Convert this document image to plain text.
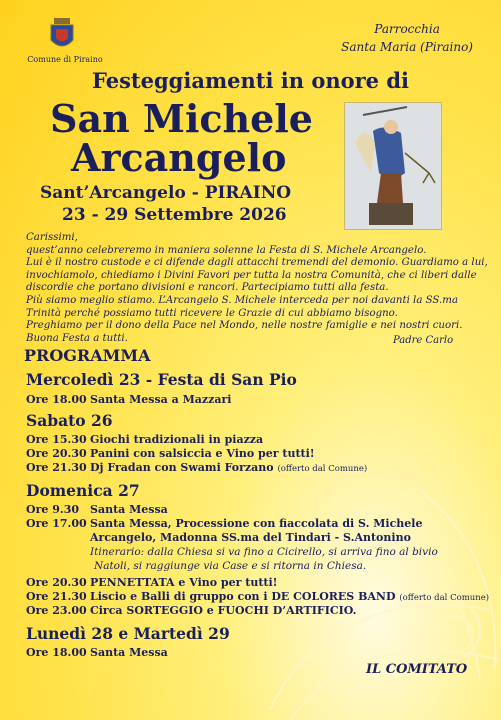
Comune di Piraino
Parrocchia
Santa Maria (Piraino)
Festeggiamenti in onore di
San Michele
Arcangelo
Sant’Arcangelo - PIRAINO
23 - 29 Settembre 2026
Carissimi,
quest’anno celebreremo in maniera solenne la Festa di S. Michele Arcangelo.
Lui è il nostro custode e ci difende dagli attacchi tremendi del demonio. Guardiamo a lui,
invochiamolo, chiediamo i Divini Favori per tutta la nostra Comunità, che ci liberi dalle
discordie che portano divisioni e rancori. Partecipiamo tutti alla festa.
Più siamo meglio stiamo. L’Arcangelo S. Michele interceda per noi davanti la SS.ma
Trinità perché possiamo tutti ricevere le Grazie di cui abbiamo bisogno.
Preghiamo per il dono della Pace nel Mondo, nelle nostre famiglie e nei nostri cuori.
Buona Festa a tutti.	Padre Carlo
PROGRAMMA
Mercoledì 23 - Festa di San Pio
Ore 18.00 Santa Messa a Mazzari
Sabato 26
Ore 15.30 Giochi tradizionali in piazza
Ore 20.30 Panini con salsiccia e Vino per tutti!
Ore 21.30 Dj Fradan con Swami Forzano (offerto dal Comune)
Domenica 27
Ore 9.30 Santa Messa
Ore 17.00 Santa Messa, Processione con fiaccolata di S. Michele
Arcangelo, Madonna SS.ma del Tindari - S.Antonino
Itinerario: dalla Chiesa si va fino a Cicirello, si arriva fino al bivio
Natoli, si raggiunge via Case e si ritorna in Chiesa.
Ore 20.30 PENNETTATA e Vino per tutti!
Ore 21.30 Liscio e Balli di gruppo con i DE COLORES BAND (offerto dal Comune)
Ore 23.00 Circa SORTEGGIO e FUOCHI D’ARTIFICIO.
Lunedì 28 e Martedì 29
Ore 18.00 Santa Messa
IL COMITATO
